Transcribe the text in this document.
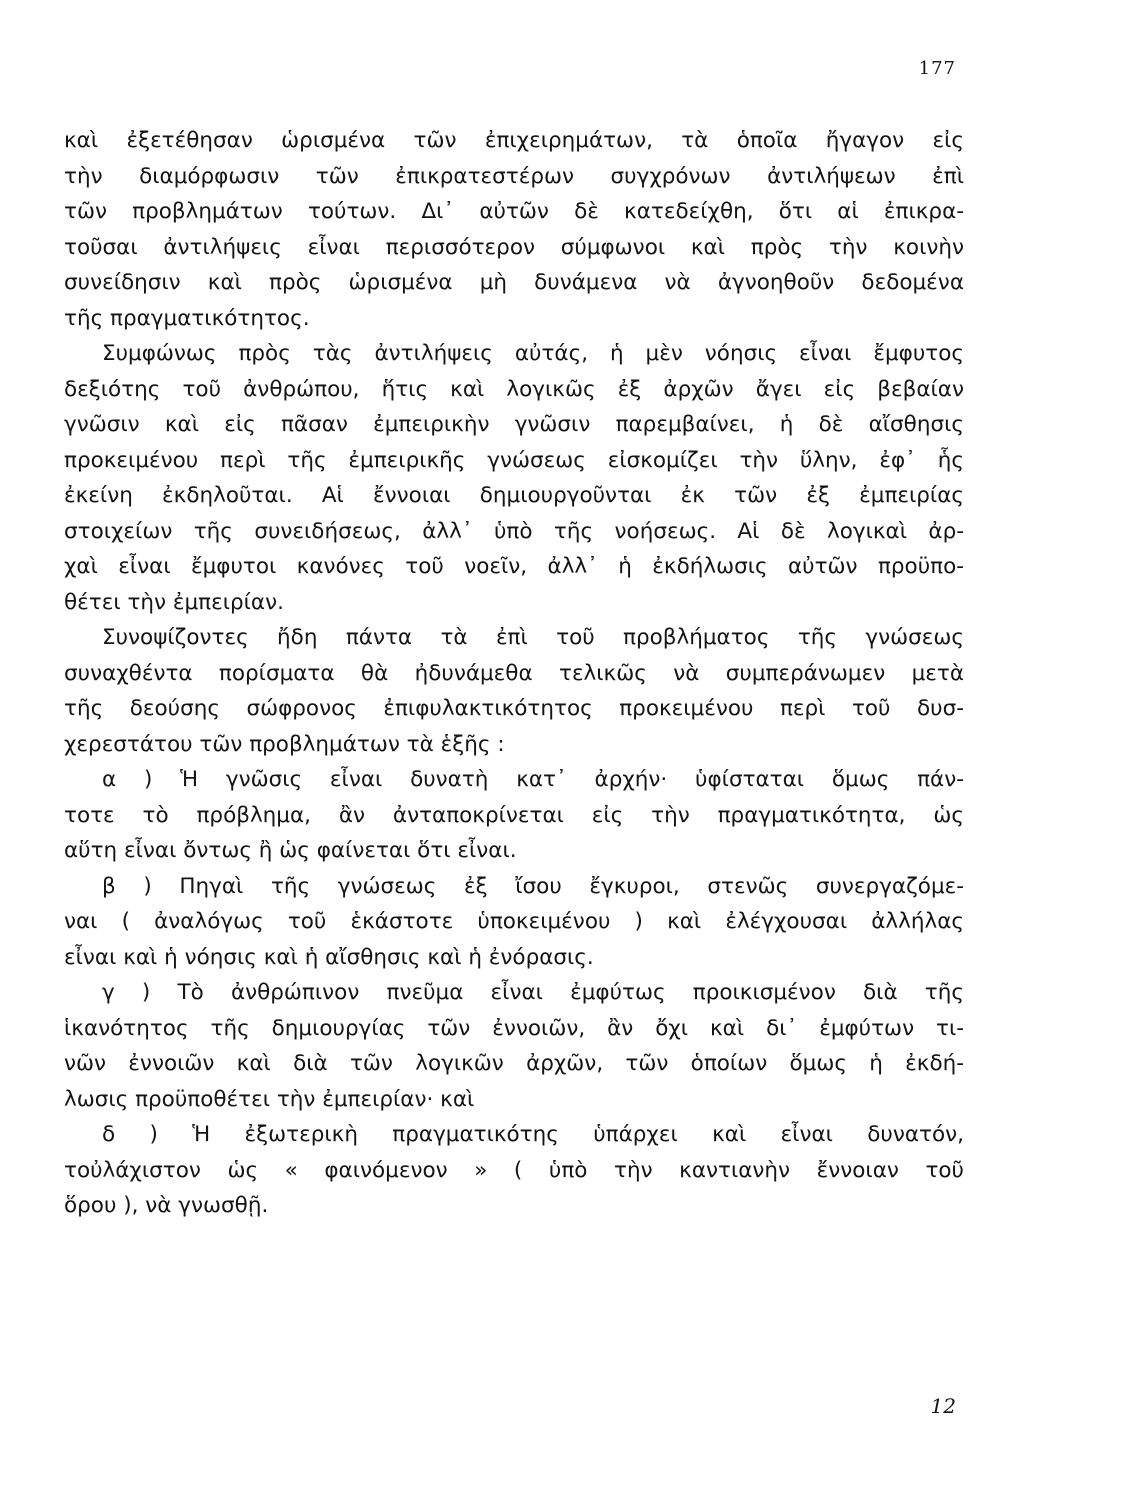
177
καὶ ἐξετέθησαν ὡρισμένα τῶν ἐπιχειρημάτων, τὰ ὁποῖα ἤγαγον εἰς
τὴν διαμόρφωσιν τῶν ἐπικρατεστέρων συγχρόνων ἀντιλήψεων ἐπὶ
τῶν προβλημάτων τούτων. Δι᾽ αὐτῶν δὲ κατεδείχθη, ὅτι αἱ ἐπικρα-
τοῦσαι ἀντιλήψεις εἶναι περισσότερον σύμφωνοι καὶ πρὸς τὴν κοινὴν
συνείδησιν καὶ πρὸς ὡρισμένα μὴ δυνάμενα νὰ ἀγνοηθοῦν δεδομένα
τῆς πραγματικότητος.
Συμφώνως πρὸς τὰς ἀντιλήψεις αὐτάς, ἡ μὲν νόησις εἶναι ἔμφυτος
δεξιότης τοῦ ἀνθρώπου, ἥτις καὶ λογικῶς ἐξ ἀρχῶν ἄγει εἰς βεβαίαν
γνῶσιν καὶ εἰς πᾶσαν ἐμπειρικὴν γνῶσιν παρεμβαίνει, ἡ δὲ αἴσθησις
προκειμένου περὶ τῆς ἐμπειρικῆς γνώσεως εἰσκομίζει τὴν ὕλην, ἐφ᾽ ἧς
ἐκείνη ἐκδηλοῦται. Αἱ ἔννοιαι δημιουργοῦνται ἐκ τῶν ἐξ ἐμπειρίας
στοιχείων τῆς συνειδήσεως, ἀλλ᾽ ὑπὸ τῆς νοήσεως. Αἱ δὲ λογικαὶ ἀρ-
χαὶ εἶναι ἔμφυτοι κανόνες τοῦ νοεῖν, ἀλλ᾽ ἡ ἐκδήλωσις αὐτῶν προϋπο-
θέτει τὴν ἐμπειρίαν.
Συνοψίζοντες ἤδη πάντα τὰ ἐπὶ τοῦ προβλήματος τῆς γνώσεως
συναχθέντα πορίσματα θὰ ἠδυνάμεθα τελικῶς νὰ συμπεράνωμεν μετὰ
τῆς δεούσης σώφρονος ἐπιφυλακτικότητος προκειμένου περὶ τοῦ δυσ-
χερεστάτου τῶν προβλημάτων τὰ ἑξῆς :
α ) Ἡ γνῶσις εἶναι δυνατὴ κατ᾽ ἀρχήν· ὑφίσταται ὅμως πάν-
τοτε τὸ πρόβλημα, ἂν ἀνταποκρίνεται εἰς τὴν πραγματικότητα, ὡς
αὕτη εἶναι ὄντως ἢ ὡς φαίνεται ὅτι εἶναι.
β ) Πηγαὶ τῆς γνώσεως ἐξ ἴσου ἔγκυροι, στενῶς συνεργαζόμε-
ναι ( ἀναλόγως τοῦ ἑκάστοτε ὑποκειμένου ) καὶ ἐλέγχουσαι ἀλλήλας
εἶναι καὶ ἡ νόησις καὶ ἡ αἴσθησις καὶ ἡ ἐνόρασις.
γ ) Τὸ ἀνθρώπινον πνεῦμα εἶναι ἐμφύτως προικισμένον διὰ τῆς
ἱκανότητος τῆς δημιουργίας τῶν ἐννοιῶν, ἂν ὄχι καὶ δι᾽ ἐμφύτων τι-
νῶν ἐννοιῶν καὶ διὰ τῶν λογικῶν ἀρχῶν, τῶν ὁποίων ὅμως ἡ ἐκδή-
λωσις προϋποθέτει τὴν ἐμπειρίαν· καὶ
δ ) Ἡ ἐξωτερικὴ πραγματικότης ὑπάρχει καὶ εἶναι δυνατόν,
τοὐλάχιστον ὡς « φαινόμενον » ( ὑπὸ τὴν καντιανὴν ἔννοιαν τοῦ
ὅρου ), νὰ γνωσθῇ.
12
